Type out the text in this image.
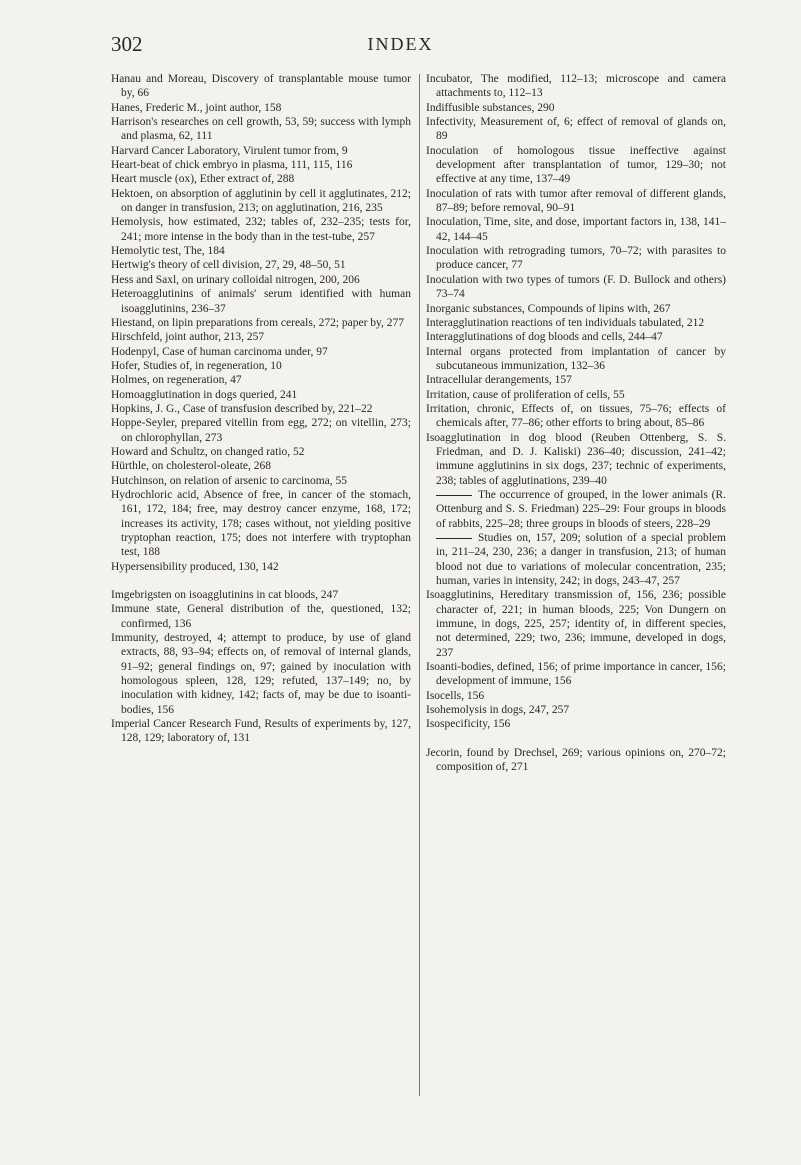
302	INDEX

Hanau and Moreau, Discovery of transplantable mouse tumor by, 66

Hanes, Frederic M., joint author, 158

Harrison's researches on cell growth, 53, 59; success with lymph and plasma, 62, 111

Harvard Cancer Laboratory, Virulent tumor from, 9

Heart-beat of chick embryo in plasma, 111, 115, 116

Heart muscle (ox), Ether extract of, 288

Hektoen, on absorption of agglutinin by cell it agglutinates, 212; on danger in transfusion, 213; on agglutination, 216, 235

Hemolysis, how estimated, 232; tables of, 232–235; tests for, 241; more intense in the body than in the test-tube, 257

Hemolytic test, The, 184

Hertwig's theory of cell division, 27, 29, 48–50, 51

Hess and Saxl, on urinary colloidal nitrogen, 200, 206

Heteroagglutinins of animals' serum identified with human isoagglutinins, 236–37

Hiestand, on lipin preparations from cereals, 272; paper by, 277

Hirschfeld, joint author, 213, 257

Hodenpyl, Case of human carcinoma under, 97

Hofer, Studies of, in regeneration, 10

Holmes, on regeneration, 47

Homoagglutination in dogs queried, 241

Hopkins, J. G., Case of transfusion described by, 221–22

Hoppe-Seyler, prepared vitellin from egg, 272; on vitellin, 273; on chlorophyllan, 273

Howard and Schultz, on changed ratio, 52

Hürthle, on cholesterol-oleate, 268

Hutchinson, on relation of arsenic to carcinoma, 55

Hydrochloric acid, Absence of free, in cancer of the stomach, 161, 172, 184; free, may destroy cancer enzyme, 168, 172; increases its activity, 178; cases without, not yielding positive tryptophan reaction, 175; does not interfere with tryptophan test, 188

Hypersensibility produced, 130, 142

Imgebrigsten on isoagglutinins in cat bloods, 247

Immune state, General distribution of the, questioned, 132; confirmed, 136

Immunity, destroyed, 4; attempt to produce, by use of gland extracts, 88, 93–94; effects on, of removal of internal glands, 91–92; general findings on, 97; gained by inoculation with homologous spleen, 128, 129; refuted, 137–149; no, by inoculation with kidney, 142; facts of, may be due to isoanti-bodies, 156

Imperial Cancer Research Fund, Results of experiments by, 127, 128, 129; laboratory of, 131

Incubator, The modified, 112–13; microscope and camera attachments to, 112–13

Indiffusible substances, 290

Infectivity, Measurement of, 6; effect of removal of glands on, 89

Inoculation of homologous tissue ineffective against development after transplantation of tumor, 129–30; not effective at any time, 137–49

Inoculation of rats with tumor after removal of different glands, 87–89; before removal, 90–91

Inoculation, Time, site, and dose, important factors in, 138, 141–42, 144–45

Inoculation with retrograding tumors, 70–72; with parasites to produce cancer, 77

Inoculation with two types of tumors (F. D. Bullock and others) 73–74

Inorganic substances, Compounds of lipins with, 267

Interagglutination reactions of ten individuals tabulated, 212

Interagglutinations of dog bloods and cells, 244–47

Internal organs protected from implantation of cancer by subcutaneous immunization, 132–36

Intracellular derangements, 157

Irritation, cause of proliferation of cells, 55

Irritation, chronic, Effects of, on tissues, 75–76; effects of chemicals after, 77–86; other efforts to bring about, 85–86

Isoagglutination in dog blood (Reuben Ottenberg, S. S. Friedman, and D. J. Kaliski) 236–40; discussion, 241–42; immune agglutinins in six dogs, 237; technic of experiments, 238; tables of agglutinations, 239–40

The occurrence of grouped, in the lower animals (R. Ottenburg and S. S. Friedman) 225–29: Four groups in bloods of rabbits, 225–28; three groups in bloods of steers, 228–29

Studies on, 157, 209; solution of a special problem in, 211–24, 230, 236; a danger in transfusion, 213; of human blood not due to variations of molecular concentration, 235; human, varies in intensity, 242; in dogs, 243–47, 257

Isoagglutinins, Hereditary transmission of, 156, 236; possible character of, 221; in human bloods, 225; Von Dungern on immune, in dogs, 225, 257; identity of, in different species, not determined, 229; two, 236; immune, developed in dogs, 237

Isoanti-bodies, defined, 156; of prime importance in cancer, 156; development of immune, 156

Isocells, 156

Isohemolysis in dogs, 247, 257

Isospecificity, 156

Jecorin, found by Drechsel, 269; various opinions on, 270–72; composition of, 271
